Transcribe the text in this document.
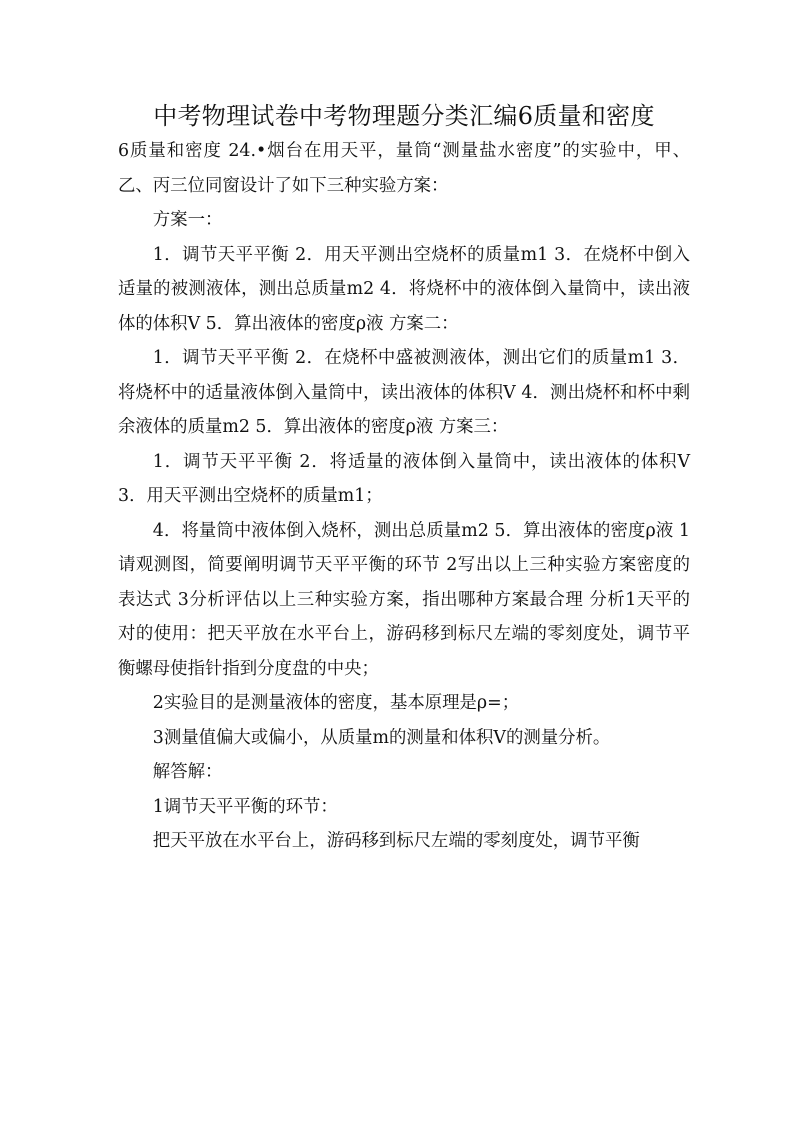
中考物理试卷中考物理题分类汇编6质量和密度

6质量和密度 24.•烟台在用天平，量筒“测量盐水密度”的实验中，甲、乙、丙三位同窗设计了如下三种实验方案：

方案一：

1．调节天平平衡 2．用天平测出空烧杯的质量m1 3．在烧杯中倒入适量的被测液体，测出总质量m2 4．将烧杯中的液体倒入量筒中，读出液体的体积V 5．算出液体的密度ρ液 方案二：

1．调节天平平衡 2．在烧杯中盛被测液体，测出它们的质量m1 3．将烧杯中的适量液体倒入量筒中，读出液体的体积V 4．测出烧杯和杯中剩余液体的质量m2 5．算出液体的密度ρ液 方案三：

1．调节天平平衡 2．将适量的液体倒入量筒中，读出液体的体积V 3．用天平测出空烧杯的质量m1；

4．将量筒中液体倒入烧杯，测出总质量m2 5．算出液体的密度ρ液 1请观测图，简要阐明调节天平平衡的环节 2写出以上三种实验方案密度的表达式 3分析评估以上三种实验方案，指出哪种方案最合理 分析1天平的对的使用：把天平放在水平台上，游码移到标尺左端的零刻度处，调节平衡螺母使指针指到分度盘的中央；

2实验目的是测量液体的密度，基本原理是ρ=；

3测量值偏大或偏小，从质量m的测量和体积V的测量分析。

解答解：

1调节天平平衡的环节：

把天平放在水平台上，游码移到标尺左端的零刻度处，调节平衡
